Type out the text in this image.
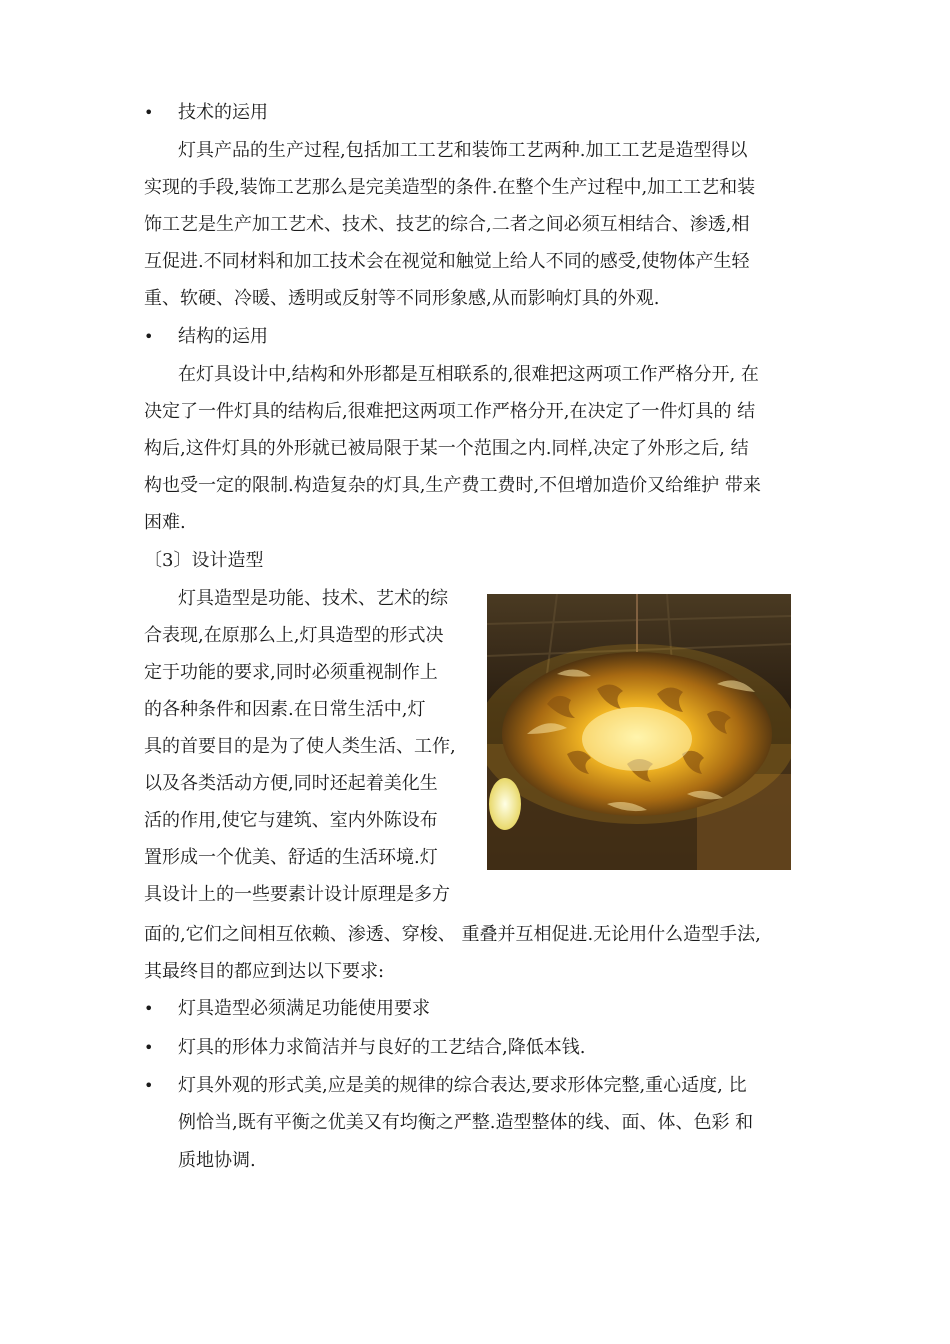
• 技术的运用
灯具产品的生产过程,包括加工工艺和装饰工艺两种.加工工艺是造型得以
实现的手段,装饰工艺那么是完美造型的条件.在整个生产过程中,加工工艺和装
饰工艺是生产加工艺术、技术、技艺的综合,二者之间必须互相结合、渗透,相
互促进.不同材料和加工技术会在视觉和触觉上给人不同的感受,使物体产生轻
重、软硬、冷暖、透明或反射等不同形象感,从而影响灯具的外观.
• 结构的运用
在灯具设计中,结构和外形都是互相联系的,很难把这两项工作严格分开, 在
决定了一件灯具的结构后,很难把这两项工作严格分开,在决定了一件灯具的 结
构后,这件灯具的外形就已被局限于某一个范围之内.同样,决定了外形之后, 结
构也受一定的限制.构造复杂的灯具,生产费工费时,不但增加造价又给维护 带来
困难.
〔3〕设计造型
灯具造型是功能、技术、艺术的综
合表现,在原那么上,灯具造型的形式决
定于功能的要求,同时必须重视制作上
的各种条件和因素.在日常生活中,灯
具的首要目的是为了使人类生活、工作,
以及各类活动方便,同时还起着美化生
活的作用,使它与建筑、室内外陈设布
置形成一个优美、舒适的生活环境.灯
具设计上的一些要素计设计原理是多方
面的,它们之间相互依赖、渗透、穿梭、 重叠并互相促进.无论用什么造型手法,
其最终目的都应到达以下要求:
• 灯具造型必须满足功能使用要求
• 灯具的形体力求简洁并与良好的工艺结合,降低本钱.
• 灯具外观的形式美,应是美的规律的综合表达,要求形体完整,重心适度, 比
例恰当,既有平衡之优美又有均衡之严整.造型整体的线、面、体、色彩 和
质地协调.
